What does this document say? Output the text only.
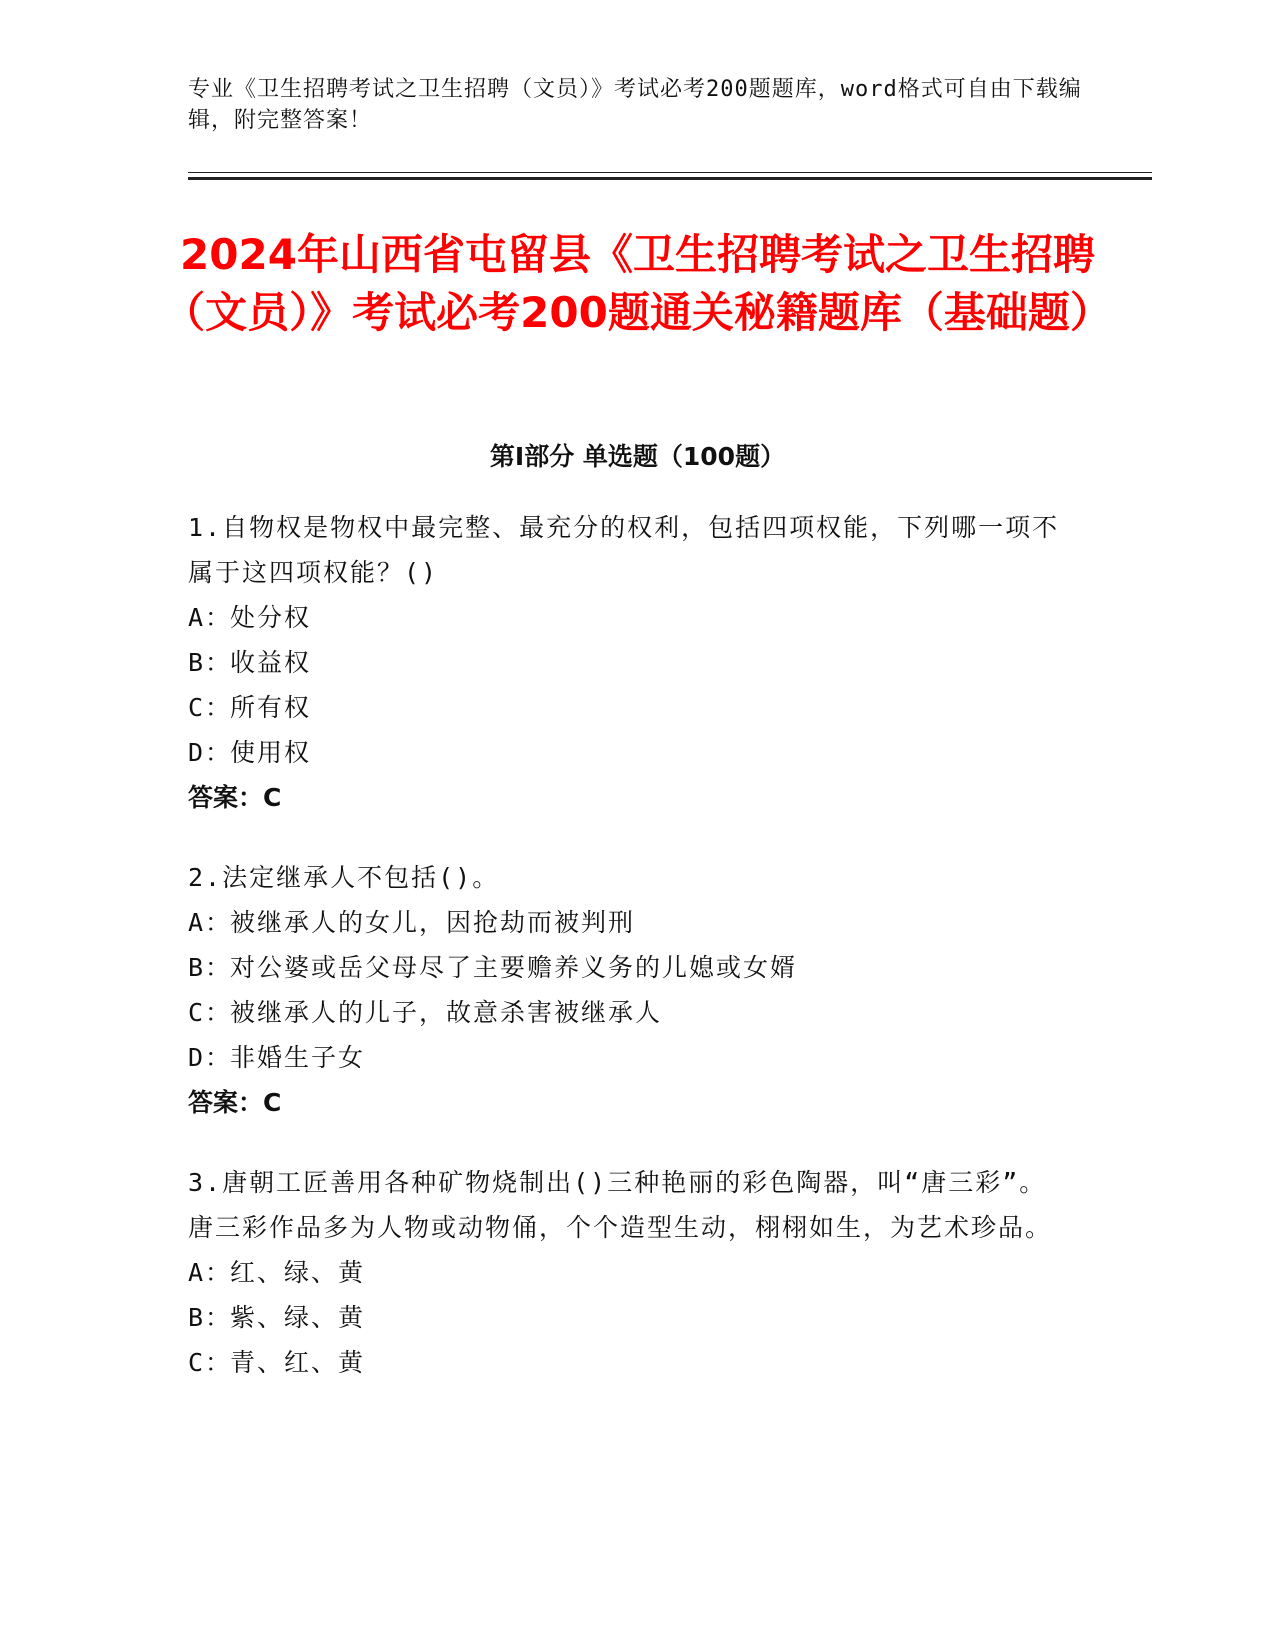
专业《卫生招聘考试之卫生招聘（文员）》考试必考200题题库，word格式可自由下载编辑，附完整答案！
2024年山西省屯留县《卫生招聘考试之卫生招聘（文员）》考试必考200题通关秘籍题库（基础题）
第Ⅰ部分 单选题（100题）
1.自物权是物权中最完整、最充分的权利，包括四项权能，下列哪一项不属于这四项权能？()
A：处分权
B：收益权
C：所有权
D：使用权
答案：C
2.法定继承人不包括()。
A：被继承人的女儿，因抢劫而被判刑
B：对公婆或岳父母尽了主要赡养义务的儿媳或女婿
C：被继承人的儿子，故意杀害被继承人
D：非婚生子女
答案：C
3.唐朝工匠善用各种矿物烧制出()三种艳丽的彩色陶器，叫“唐三彩”。唐三彩作品多为人物或动物俑，个个造型生动，栩栩如生，为艺术珍品。
A：红、绿、黄
B：紫、绿、黄
C：青、红、黄
